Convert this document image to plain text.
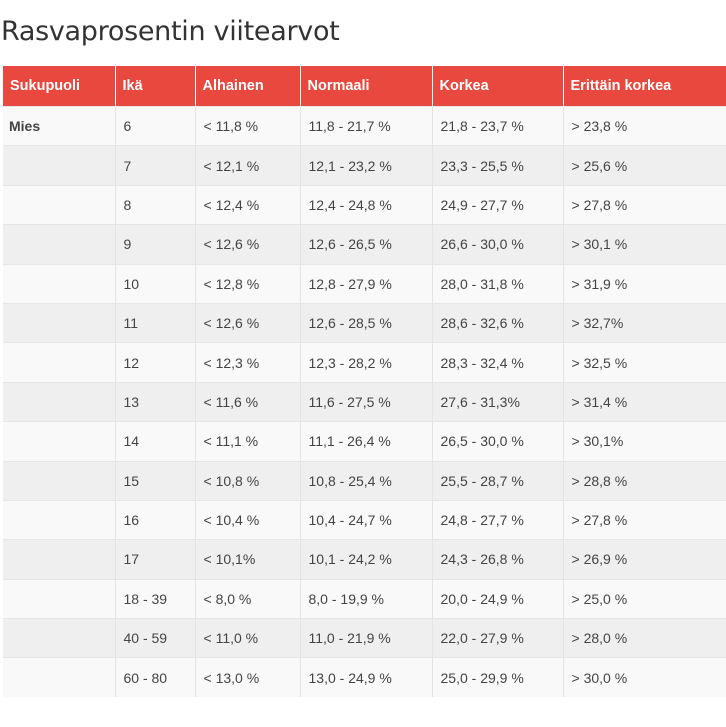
Rasvaprosentin viitearvot
Sukupuoli	Ikä	Alhainen	Normaali	Korkea	Erittäin korkea
Mies	6	< 11,8 %	11,8 - 21,7 %	21,8 - 23,7 %	> 23,8 %
	7	< 12,1 %	12,1 - 23,2 %	23,3 - 25,5 %	> 25,6 %
	8	< 12,4 %	12,4 - 24,8 %	24,9 - 27,7 %	> 27,8 %
	9	< 12,6 %	12,6 - 26,5 %	26,6 - 30,0 %	> 30,1 %
	10	< 12,8 %	12,8 - 27,9 %	28,0 - 31,8 %	> 31,9 %
	11	< 12,6 %	12,6 - 28,5 %	28,6 - 32,6 %	> 32,7%
	12	< 12,3 %	12,3 - 28,2 %	28,3 - 32,4 %	> 32,5 %
	13	< 11,6 %	11,6 - 27,5 %	27,6 - 31,3%	> 31,4 %
	14	< 11,1 %	11,1 - 26,4 %	26,5 - 30,0 %	> 30,1%
	15	< 10,8 %	10,8 - 25,4 %	25,5 - 28,7 %	> 28,8 %
	16	< 10,4 %	10,4 - 24,7 %	24,8 - 27,7 %	> 27,8 %
	17	< 10,1%	10,1 - 24,2 %	24,3 - 26,8 %	> 26,9 %
	18 - 39	< 8,0 %	8,0 - 19,9 %	20,0 - 24,9 %	> 25,0 %
	40 - 59	< 11,0 %	11,0 - 21,9 %	22,0 - 27,9 %	> 28,0 %
	60 - 80	< 13,0 %	13,0 - 24,9 %	25,0 - 29,9 %	> 30,0 %
